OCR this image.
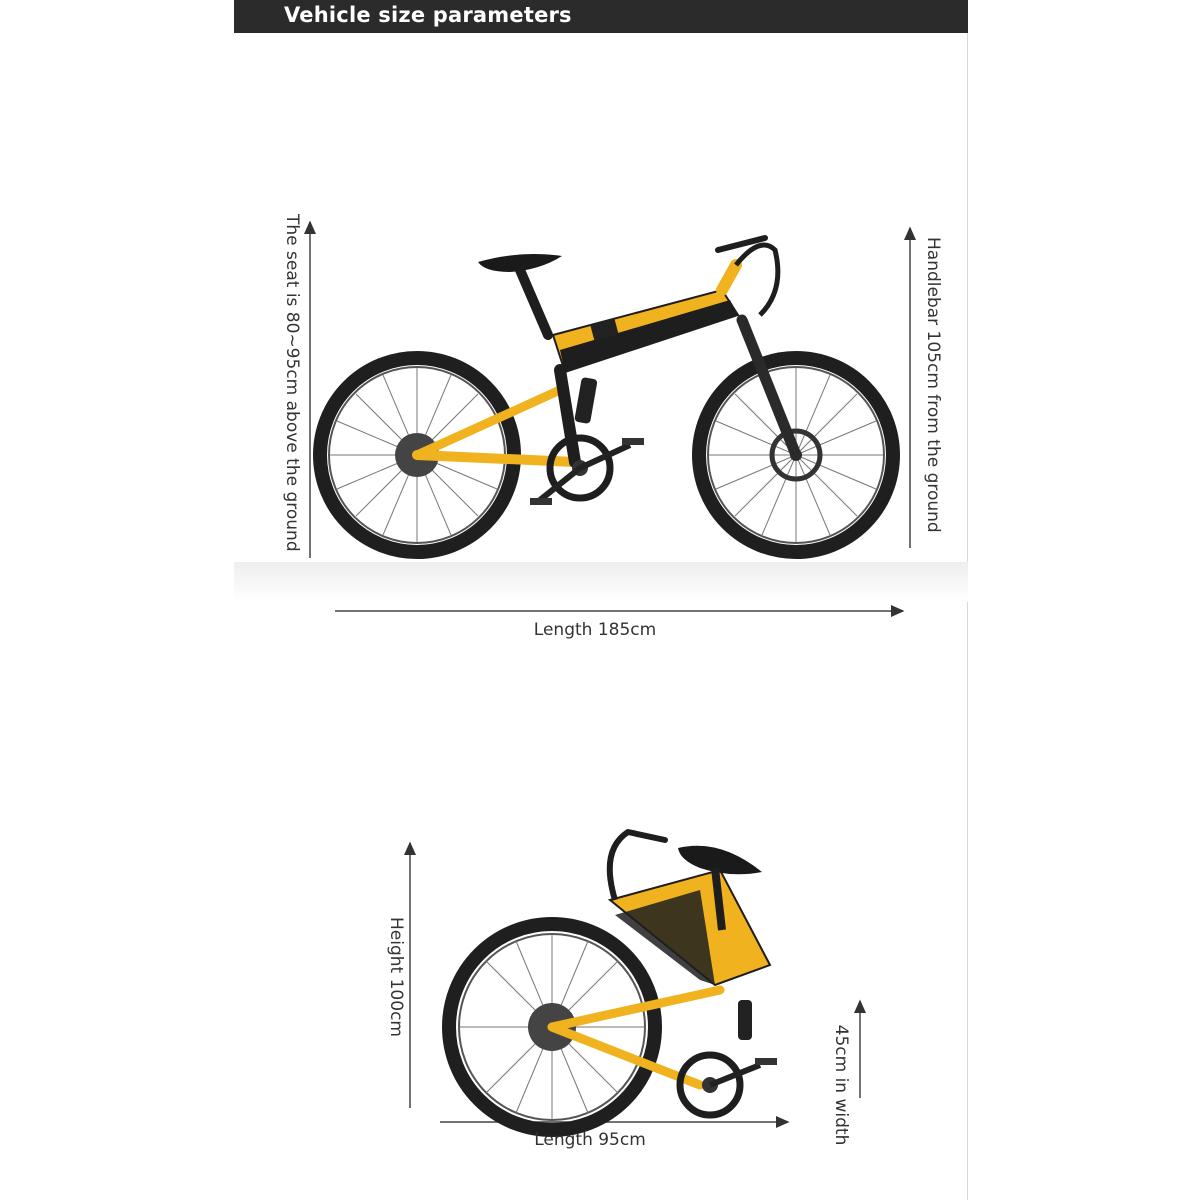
Vehicle size parameters
The seat is 80~95cm above the ground	Handlebar 105cm from the ground
Length 185cm
Height 100cm
45cm in width
Length 95cm
